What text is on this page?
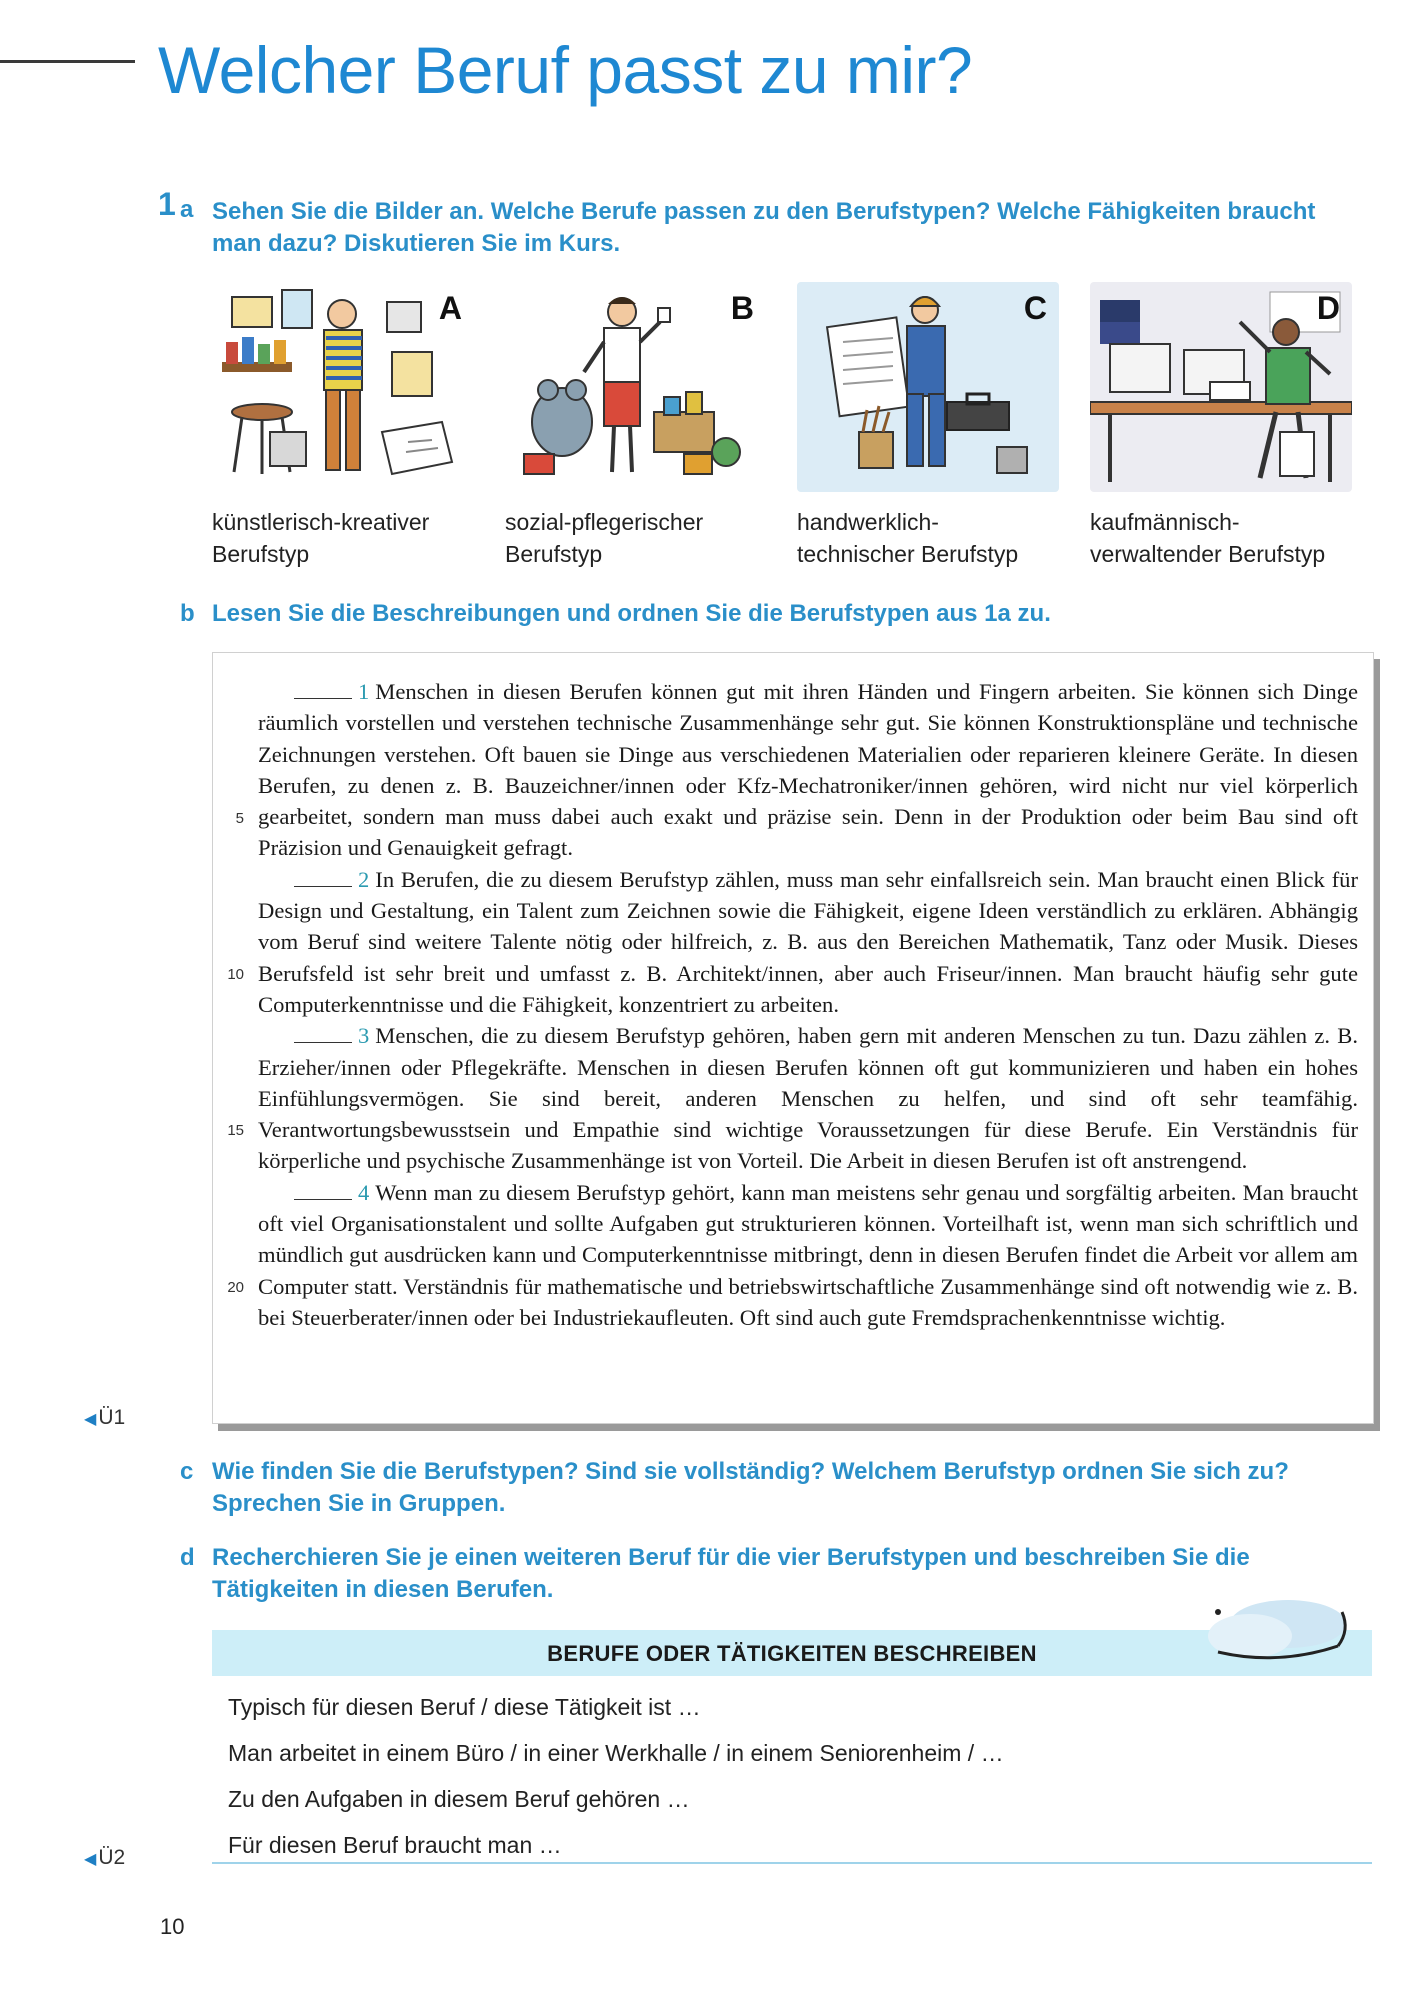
Welcher Beruf passt zu mir?
1 a Sehen Sie die Bilder an. Welche Berufe passen zu den Berufstypen? Welche Fähigkeiten braucht man dazu? Diskutieren Sie im Kurs.
A	B	C	D
künstlerisch-kreativer
Berufstyp
sozial-pflegerischer
Berufstyp
handwerklich-
technischer Berufstyp
kaufmännisch-
verwaltender Berufstyp
b Lesen Sie die Beschreibungen und ordnen Sie die Berufstypen aus 1a zu.

1 Menschen in diesen Berufen können gut mit ihren Händen und Fingern arbeiten. Sie können sich Dinge räumlich vorstellen und verstehen technische Zusammenhänge sehr gut. Sie können Konstruktionspläne und technische Zeichnungen verstehen. Oft bauen sie Dinge aus verschiedenen Materialien oder reparieren kleinere Geräte. In diesen Berufen, zu denen z. B. Bauzeichner/innen oder Kfz-Mechatroniker/innen gehören, wird nicht nur viel körperlich gearbeitet, sondern man muss dabei auch exakt und präzise sein. Denn in der Produktion oder beim Bau sind oft Präzision und Genauigkeit gefragt.

2 In Berufen, die zu diesem Berufstyp zählen, muss man sehr einfallsreich sein. Man braucht einen Blick für Design und Gestaltung, ein Talent zum Zeichnen sowie die Fähigkeit, eigene Ideen verständlich zu erklären. Abhängig vom Beruf sind weitere Talente nötig oder hilfreich, z. B. aus den Bereichen Mathematik, Tanz oder Musik. Dieses Berufsfeld ist sehr breit und umfasst z. B. Architekt/innen, aber auch Friseur/innen. Man braucht häufig sehr gute Computerkenntnisse und die Fähigkeit, konzentriert zu arbeiten.

3 Menschen, die zu diesem Berufstyp gehören, haben gern mit anderen Menschen zu tun. Dazu zählen z. B. Erzieher/innen oder Pflegekräfte. Menschen in diesen Berufen können oft gut kommunizieren und haben ein hohes Einfühlungsvermögen. Sie sind bereit, anderen Menschen zu helfen, und sind oft sehr teamfähig. Verantwortungsbewusstsein und Empathie sind wichtige Voraussetzungen für diese Berufe. Ein Verständnis für körperliche und psychische Zusammenhänge ist von Vorteil. Die Arbeit in diesen Berufen ist oft anstrengend.

4 Wenn man zu diesem Berufstyp gehört, kann man meistens sehr genau und sorgfältig arbeiten. Man braucht oft viel Organisationstalent und sollte Aufgaben gut strukturieren können. Vorteilhaft ist, wenn man sich schriftlich und mündlich gut ausdrücken kann und Computerkenntnisse mitbringt, denn in diesen Berufen findet die Arbeit vor allem am Computer statt. Verständnis für mathematische und betriebswirtschaftliche Zusammenhänge sind oft notwendig wie z. B. bei Steuerberater/innen oder bei Industriekaufleuten. Oft sind auch gute Fremdsprachenkenntnisse wichtig.

5
10
15
20
◀Ü1
◀Ü2
c Wie finden Sie die Berufstypen? Sind sie vollständig? Welchem Berufstyp ordnen Sie sich zu? Sprechen Sie in Gruppen.
d Recherchieren Sie je einen weiteren Beruf für die vier Berufstypen und beschreiben Sie die Tätigkeiten in diesen Berufen.
BERUFE ODER TÄTIGKEITEN BESCHREIBEN
Typisch für diesen Beruf / diese Tätigkeit ist …
Man arbeitet in einem Büro / in einer Werkhalle / in einem Seniorenheim / …
Zu den Aufgaben in diesem Beruf gehören …
Für diesen Beruf braucht man …
10
